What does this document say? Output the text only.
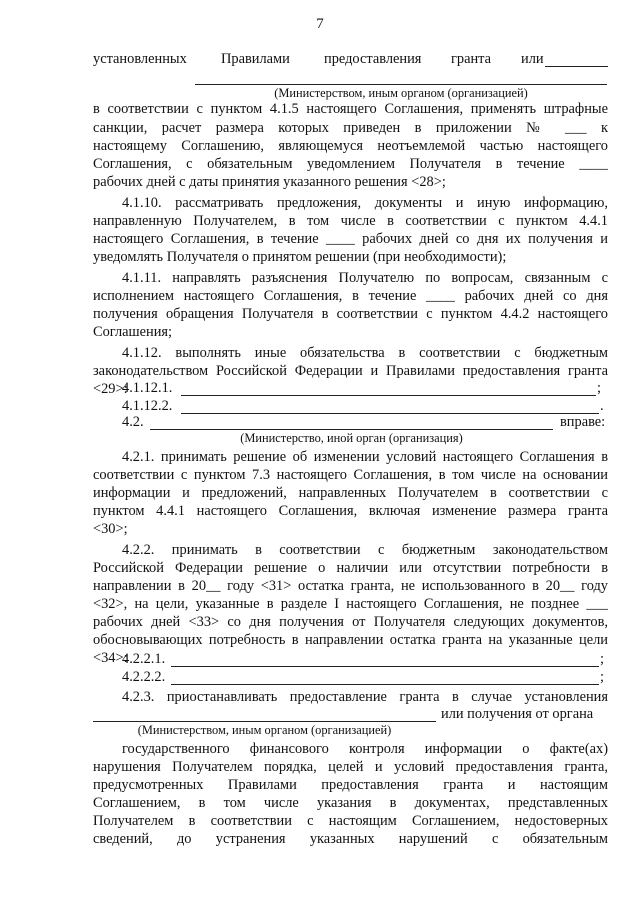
7
установленных Правилами предоставления гранта или
(Министерством, иным органом (организацией)
в соответствии с пунктом 4.1.5 настоящего Соглашения, применять штрафные
санкции, расчет размера которых приведен в приложении № ___ к
настоящему Соглашению, являющемуся неотъемлемой частью настоящего
Соглашения, с обязательным уведомлением Получателя в течение ____
рабочих дней с даты принятия указанного решения <28>;
4.1.10. рассматривать предложения, документы и иную информацию,
направленную Получателем, в том числе в соответствии с пунктом 4.4.1
настоящего Соглашения, в течение ____ рабочих дней со дня их получения и
уведомлять Получателя о принятом решении (при необходимости);
4.1.11. направлять разъяснения Получателю по вопросам, связанным с
исполнением настоящего Соглашения, в течение ____ рабочих дней со дня
получения обращения Получателя в соответствии с пунктом 4.4.2 настоящего
Соглашения;
4.1.12. выполнять иные обязательства в соответствии с бюджетным
законодательством Российской Федерации и Правилами предоставления гранта
<29>:
4.1.12.1.	;
4.1.12.2.	.
4.2.	вправе:
(Министерство, иной орган (организация)
4.2.1. принимать решение об изменении условий настоящего Соглашения в
соответствии с пунктом 7.3 настоящего Соглашения, в том числе на основании
информации и предложений, направленных Получателем в соответствии с
пунктом 4.4.1 настоящего Соглашения, включая изменение размера гранта
<30>;
4.2.2. принимать в соответствии с бюджетным законодательством
Российской Федерации решение о наличии или отсутствии потребности в
направлении в 20__ году <31> остатка гранта, не использованного в 20__ году
<32>, на цели, указанные в разделе I настоящего Соглашения, не позднее ___
рабочих дней <33> со дня получения от Получателя следующих документов,
обосновывающих потребность в направлении остатка гранта на указанные цели
<34>:
4.2.2.1.	;
4.2.2.2.	;
4.2.3. приостанавливать предоставление гранта в случае установления
или получения от органа
(Министерством, иным органом (организацией)
государственного финансового контроля информации о факте(ах)
нарушения Получателем порядка, целей и условий предоставления гранта,
предусмотренных Правилами предоставления гранта и настоящим
Соглашением, в том числе указания в документах, представленных
Получателем в соответствии с настоящим Соглашением, недостоверных
сведений, до устранения указанных нарушений с обязательным
